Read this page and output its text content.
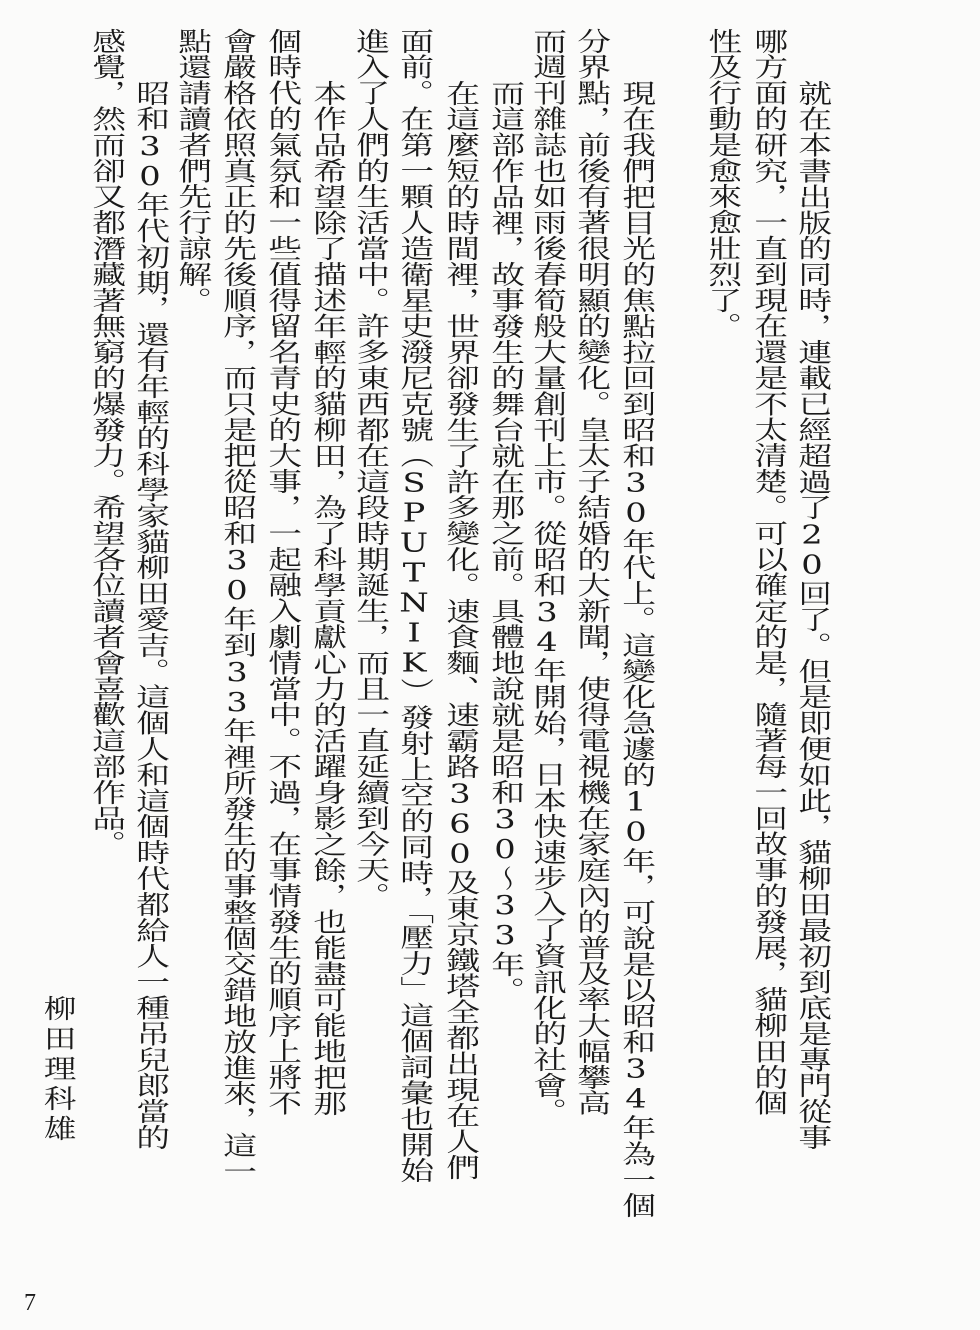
就在本書出版的同時，連載已經超過了20回了。但是即便如此，貓柳田最初到底是專門從事
哪方面的研究，一直到現在還是不太清楚。可以確定的是，隨著每一回故事的發展，貓柳田的個
性及行動是愈來愈壯烈了。
現在我們把目光的焦點拉回到昭和30年代上。這變化急遽的10年，可說是以昭和34年為一個
分界點，前後有著很明顯的變化。皇太子結婚的大新聞，使得電視機在家庭內的普及率大幅攀高
而週刊雜誌也如雨後春筍般大量創刊上市。從昭和34年開始，日本快速步入了資訊化的社會。
而這部作品裡，故事發生的舞台就在那之前。具體地說就是昭和30～33年。
在這麼短的時間裡，世界卻發生了許多變化。速食麵、速霸路360及東京鐵塔全都出現在人們
面前。在第一顆人造衛星史潑尼克號（SPUTNIK）發射上空的同時，「壓力」這個詞彙也開始
進入了人們的生活當中。許多東西都在這段時期誕生，而且一直延續到今天。
本作品希望除了描述年輕的貓柳田，為了科學貢獻心力的活躍身影之餘，也能盡可能地把那
個時代的氣氛和一些值得留名青史的大事，一起融入劇情當中。不過，在事情發生的順序上將不
會嚴格依照真正的先後順序，而只是把從昭和30年到33年裡所發生的事整個交錯地放進來，這一
點還請讀者們先行諒解。
昭和30年代初期，還有年輕的科學家貓柳田愛吉。這個人和這個時代都給人一種吊兒郎當的
感覺，然而卻又都潛藏著無窮的爆發力。希望各位讀者會喜歡這部作品。
柳田理科雄
7
